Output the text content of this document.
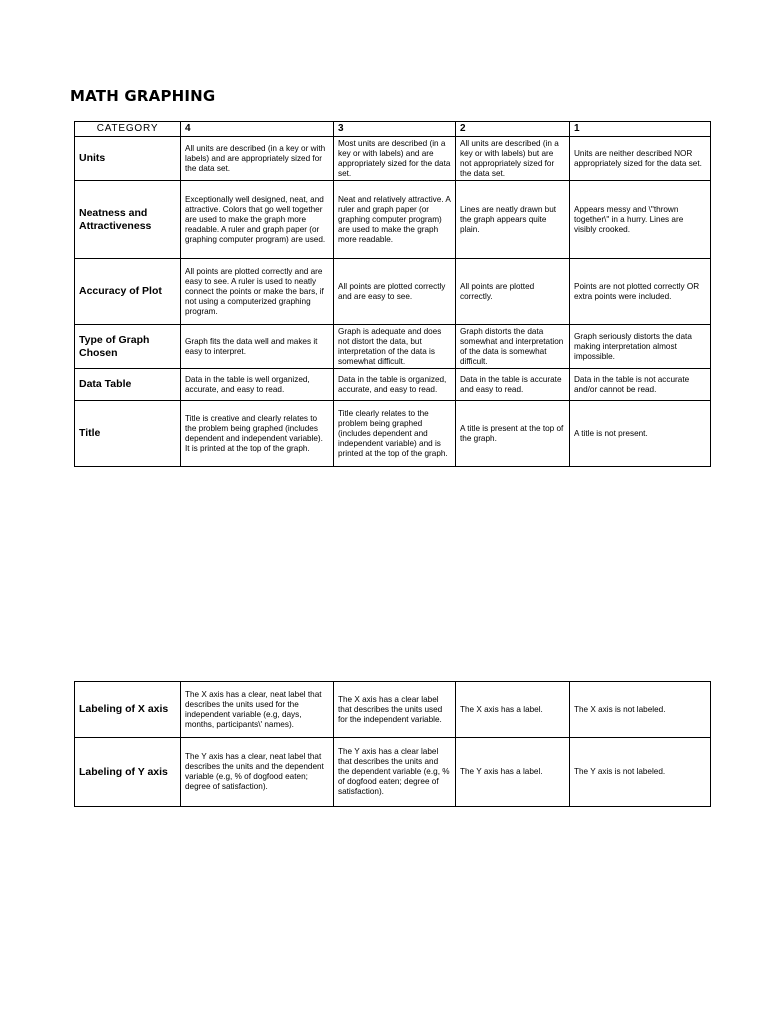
MATH GRAPHING
CATEGORY	4	3	2	1
Units	All units are described (in a key or with labels) and are appropriately sized for the data set.	Most units are described (in a key or with labels) and are appropriately sized for the data set.	All units are described (in a key or with labels) but are not appropriately sized for the data set.	Units are neither described NOR appropriately sized for the data set.
Neatness and Attractiveness	Exceptionally well designed, neat, and attractive. Colors that go well together are used to make the graph more readable. A ruler and graph paper (or graphing computer program) are used.	Neat and relatively attractive. A ruler and graph paper (or graphing computer program) are used to make the graph more readable.	Lines are neatly drawn but the graph appears quite plain.	Appears messy and \"thrown together\" in a hurry. Lines are visibly crooked.
Accuracy of Plot	All points are plotted correctly and are easy to see. A ruler is used to neatly connect the points or make the bars, if not using a computerized graphing program.	All points are plotted correctly and are easy to see.	All points are plotted correctly.	Points are not plotted correctly OR extra points were included.
Type of Graph Chosen	Graph fits the data well and makes it easy to interpret.	Graph is adequate and does not distort the data, but interpretation of the data is somewhat difficult.	Graph distorts the data somewhat and interpretation of the data is somewhat difficult.	Graph seriously distorts the data making interpretation almost impossible.
Data Table	Data in the table is well organized, accurate, and easy to read.	Data in the table is organized, accurate, and easy to read.	Data in the table is accurate and easy to read.	Data in the table is not accurate and/or cannot be read.
Title	Title is creative and clearly relates to the problem being graphed (includes dependent and independent variable). It is printed at the top of the graph.	Title clearly relates to the problem being graphed (includes dependent and independent variable) and is printed at the top of the graph.	A title is present at the top of the graph.	A title is not present.
Labeling of X axis	The X axis has a clear, neat label that describes the units used for the independent variable (e.g, days, months, participants\' names).	The X axis has a clear label that describes the units used for the independent variable.	The X axis has a label.	The X axis is not labeled.
Labeling of Y axis	The Y axis has a clear, neat label that describes the units and the dependent variable (e.g, % of dogfood eaten; degree of satisfaction).	The Y axis has a clear label that describes the units and the dependent variable (e.g, % of dogfood eaten; degree of satisfaction).	The Y axis has a label.	The Y axis is not labeled.
